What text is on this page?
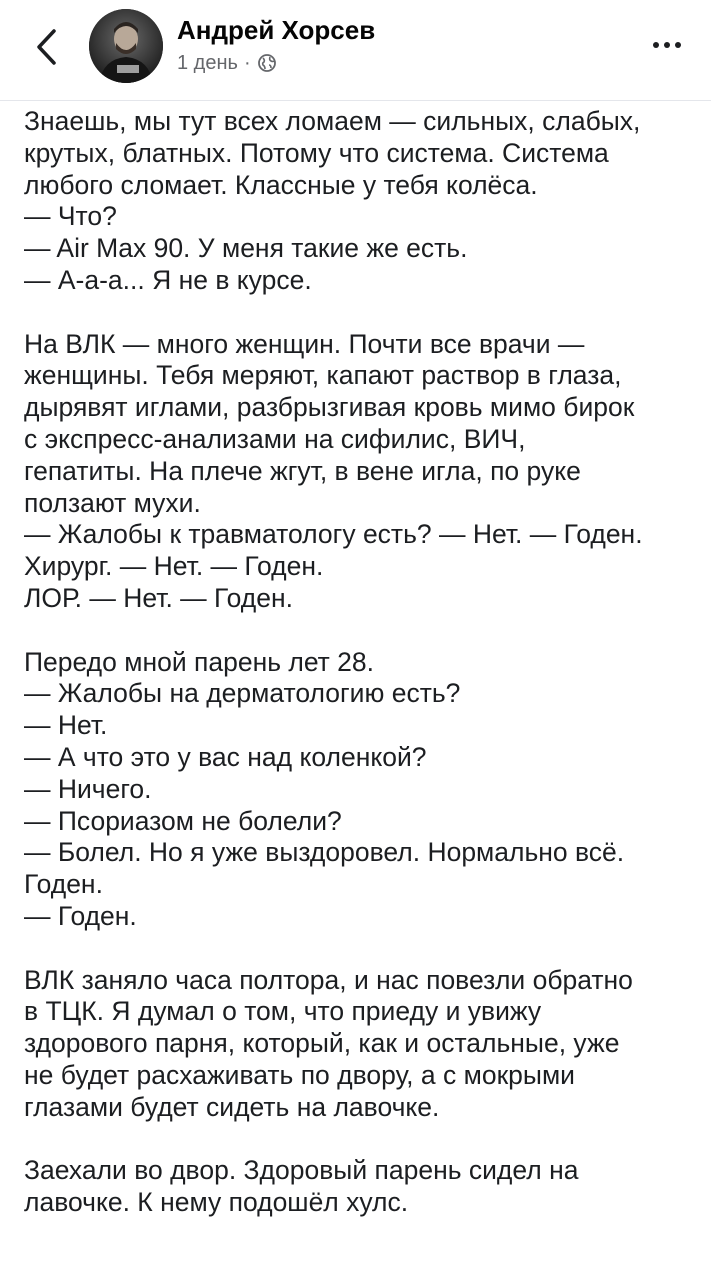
Андрей Хорсев
1 день ·
Знаешь, мы тут всех ломаем — сильных, слабых,
крутых, блатных. Потому что система. Система
любого сломает. Классные у тебя колёса.
— Что?
— Air Max 90. У меня такие же есть.
— А-а-а... Я не в курсе.
На ВЛК — много женщин. Почти все врачи —
женщины. Тебя меряют, капают раствор в глаза,
дырявят иглами, разбрызгивая кровь мимо бирок
с экспресс-анализами на сифилис, ВИЧ,
гепатиты. На плече жгут, в вене игла, по руке
ползают мухи.
— Жалобы к травматологу есть? — Нет. — Годен.
Хирург. — Нет. — Годен.
ЛОР. — Нет. — Годен.
Передо мной парень лет 28.
— Жалобы на дерматологию есть?
— Нет.
— А что это у вас над коленкой?
— Ничего.
— Псориазом не болели?
— Болел. Но я уже выздоровел. Нормально всё.
Годен.
— Годен.
ВЛК заняло часа полтора, и нас повезли обратно
в ТЦК. Я думал о том, что приеду и увижу
здорового парня, который, как и остальные, уже
не будет расхаживать по двору, а с мокрыми
глазами будет сидеть на лавочке.
Заехали во двор. Здоровый парень сидел на
лавочке. К нему подошёл хулс.
